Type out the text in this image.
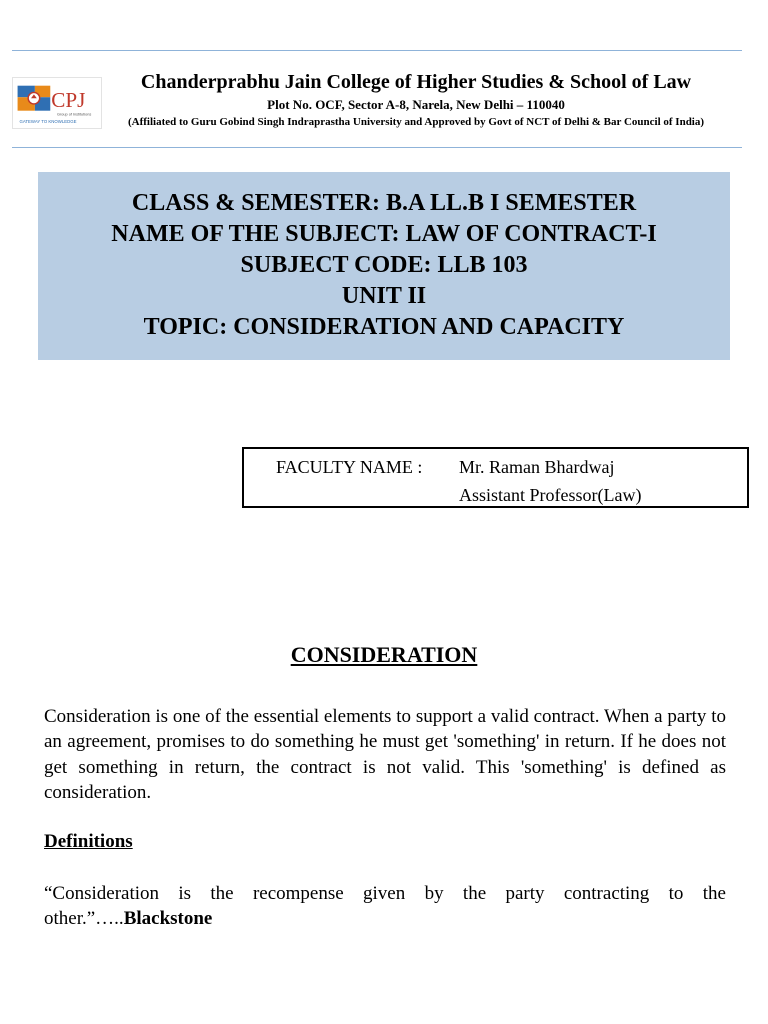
CPJ
Group of Institutions
GATEWAY TO KNOWLEDGE
Chanderprabhu Jain College of Higher Studies & School of Law
Plot No. OCF, Sector A-8, Narela, New Delhi – 110040
(Affiliated to Guru Gobind Singh Indraprastha University and Approved by Govt of NCT of Delhi & Bar Council of India)
CLASS & SEMESTER: B.A LL.B I SEMESTER
NAME OF THE SUBJECT: LAW OF CONTRACT-I
SUBJECT CODE: LLB 103
UNIT II
TOPIC: CONSIDERATION AND CAPACITY
FACULTY NAME : Mr. Raman Bhardwaj
Assistant Professor(Law)
CONSIDERATION
Consideration is one of the essential elements to support a valid contract. When a party to an agreement, promises to do something he must get 'something' in return. If he does not get something in return, the contract is not valid. This 'something' is defined as consideration.
Definitions
“Consideration is the recompense given by the party contracting to the other.”…..Blackstone
